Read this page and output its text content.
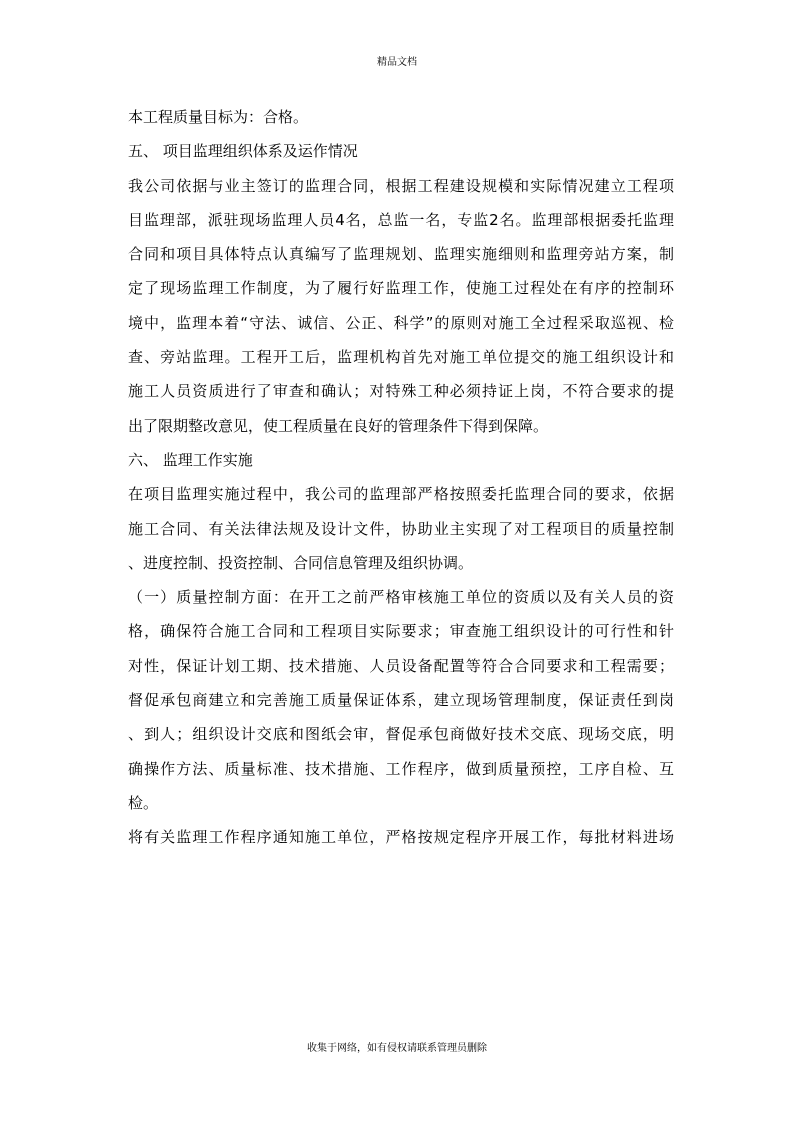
精品文档
本工程质量目标为：合格。
五、 项目监理组织体系及运作情况
我公司依据与业主签订的监理合同，根据工程建设规模和实际情况建立工程项
目监理部，派驻现场监理人员4名，总监一名，专监2名。监理部根据委托监理
合同和项目具体特点认真编写了监理规划、监理实施细则和监理旁站方案，制
定了现场监理工作制度，为了履行好监理工作，使施工过程处在有序的控制环
境中，监理本着“守法、诚信、公正、科学”的原则对施工全过程采取巡视、检
查、旁站监理。工程开工后，监理机构首先对施工单位提交的施工组织设计和
施工人员资质进行了审查和确认；对特殊工种必须持证上岗，不符合要求的提
出了限期整改意见，使工程质量在良好的管理条件下得到保障。
六、 监理工作实施
在项目监理实施过程中，我公司的监理部严格按照委托监理合同的要求，依据
施工合同、有关法律法规及设计文件，协助业主实现了对工程项目的质量控制
、进度控制、投资控制、合同信息管理及组织协调。
（一）质量控制方面：在开工之前严格审核施工单位的资质以及有关人员的资
格，确保符合施工合同和工程项目实际要求；审查施工组织设计的可行性和针
对性，保证计划工期、技术措施、人员设备配置等符合合同要求和工程需要；
督促承包商建立和完善施工质量保证体系，建立现场管理制度，保证责任到岗
、到人；组织设计交底和图纸会审，督促承包商做好技术交底、现场交底，明
确操作方法、质量标准、技术措施、工作程序，做到质量预控，工序自检、互
检。
将有关监理工作程序通知施工单位，严格按规定程序开展工作，每批材料进场
收集于网络，如有侵权请联系管理员删除
